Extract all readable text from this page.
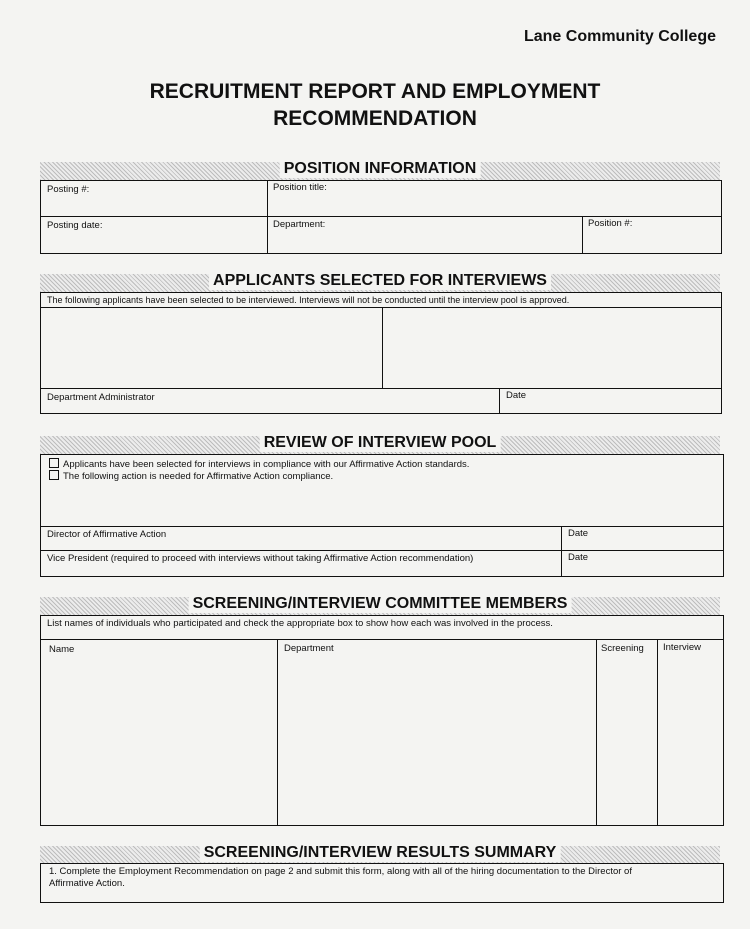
Lane Community College
RECRUITMENT REPORT AND EMPLOYMENT
RECOMMENDATION
POSITION INFORMATION
Posting #:	Position title:
Posting date:	Department:	Position #:
APPLICANTS SELECTED FOR INTERVIEWS
The following applicants have been selected to be interviewed. Interviews will not be conducted until the interview pool is approved.
Department Administrator	Date
REVIEW OF INTERVIEW POOL
Applicants have been selected for interviews in compliance with our Affirmative Action standards.
The following action is needed for Affirmative Action compliance.
Director of Affirmative Action	Date
Vice President (required to proceed with interviews without taking Affirmative Action recommendation)	Date
SCREENING/INTERVIEW COMMITTEE MEMBERS
List names of individuals who participated and check the appropriate box to show how each was involved in the process.
Name	Department	Screening Interview
SCREENING/INTERVIEW RESULTS SUMMARY
1. Complete the Employment Recommendation on page 2 and submit this form, along with all of the hiring documentation to the Director of
Affirmative Action.
